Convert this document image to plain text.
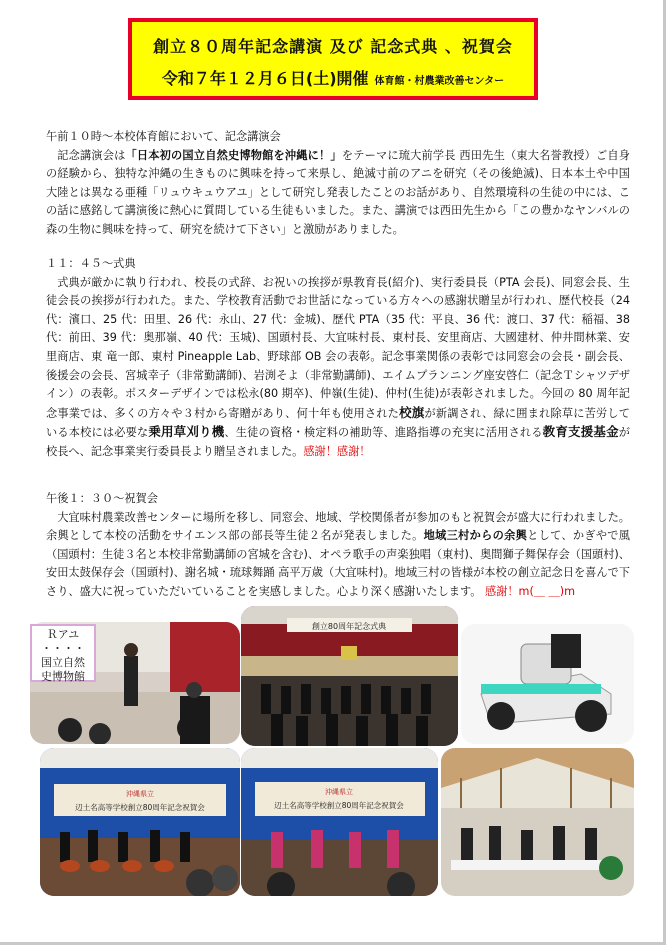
創立８０周年記念講演 及び 記念式典 、祝賀会
令和７年１２月６日(土)開催 体育館・村農業改善センター

午前１０時～本校体育館において、記念講演会

記念講演会は「日本初の国立自然史博物館を沖縄に！」をテーマに琉大前学長 西田先生（東大名誉教授）ご自身の経験から、独特な沖縄の生きものに興味を持って来県し、絶滅寸前のアニを研究（その後絶滅)、日本本土や中国大陸とは異なる亜種「リュウキュウアユ」として研究し発表したことのお話があり、自然環境科の生徒の中には、この話に感銘して講演後に熱心に質問している生徒もいました。また、講演では西田先生から「この豊かなヤンバルの森の生物に興味を持って、研究を続けて下さい」と激励がありました。

１１：４５～式典

式典が厳かに執り行われ、校長の式辞、お祝いの挨拶が県教育長(紹介)、実行委員長（PTA 会長)、同窓会長、生徒会長の挨拶が行われた。また、学校教育活動でお世話になっている方々への感謝状贈呈が行われ、歴代校長（24 代：濱口、25 代：田里、26 代：永山、27 代：金城)、歴代 PTA（35 代：平良、36 代：渡口、37 代：稲福、38 代：前田、39 代：奥那嶺、40 代：玉城)、国頭村長、大宜味村長、東村長、安里商店、大國建材、仲井間林業、安里商店、東 竜一郎、東村 Pineapple Lab、野球部 OB 会の表彰。記念事業関係の表彰では同窓会の会長・副会長、後援会の会長、宮城幸子（非常勤講師)、岩渕そよ（非常勤講師)、エイムプランニング座安啓仁（記念Ｔシャツデザイン）の表彰。ポスターデザインでは松永(80 期卒)、仲嶺(生徒)、仲村(生徒)が表彰されました。今回の 80 周年記念事業では、多くの方々や３村から寄贈があり、何十年も使用された校旗が新調され、緑に囲まれ除草に苦労している本校には必要な乗用草刈り機、生徒の資格・検定料の補助等、進路指導の充実に活用される教育支援基金が校長へ、記念事業実行委員長より贈呈されました。感謝！感謝！

午後１：３０～祝賀会

大宜味村農業改善センターに場所を移し、同窓会、地域、学校関係者が参加のもと祝賀会が盛大に行われました。余興として本校の活動をサイエンス部の部長等生徒２名が発表しました。地域三村からの余興として、かぎやで風（国頭村：生徒３名と本校非常勤講師の宮城を含む)、オペラ歌手の声楽独唱（東村)、奥間獅子舞保存会（国頭村)、安田太鼓保存会（国頭村)、謝名城・琉球舞踊 高平万歳（大宜味村)。地域三村の皆様が本校の創立記念日を喜んで下さり、盛大に祝っていただいていることを実感しました。心より深く感謝いたします。 感謝！m(＿ ＿)m

Ｒアユ
・・・・
国立自然
史博物館
創立80周年記念式典
沖縄県立
辺土名高等学校創立80周年記念祝賀会
沖縄県立
辺土名高等学校創立80周年記念祝賀会
